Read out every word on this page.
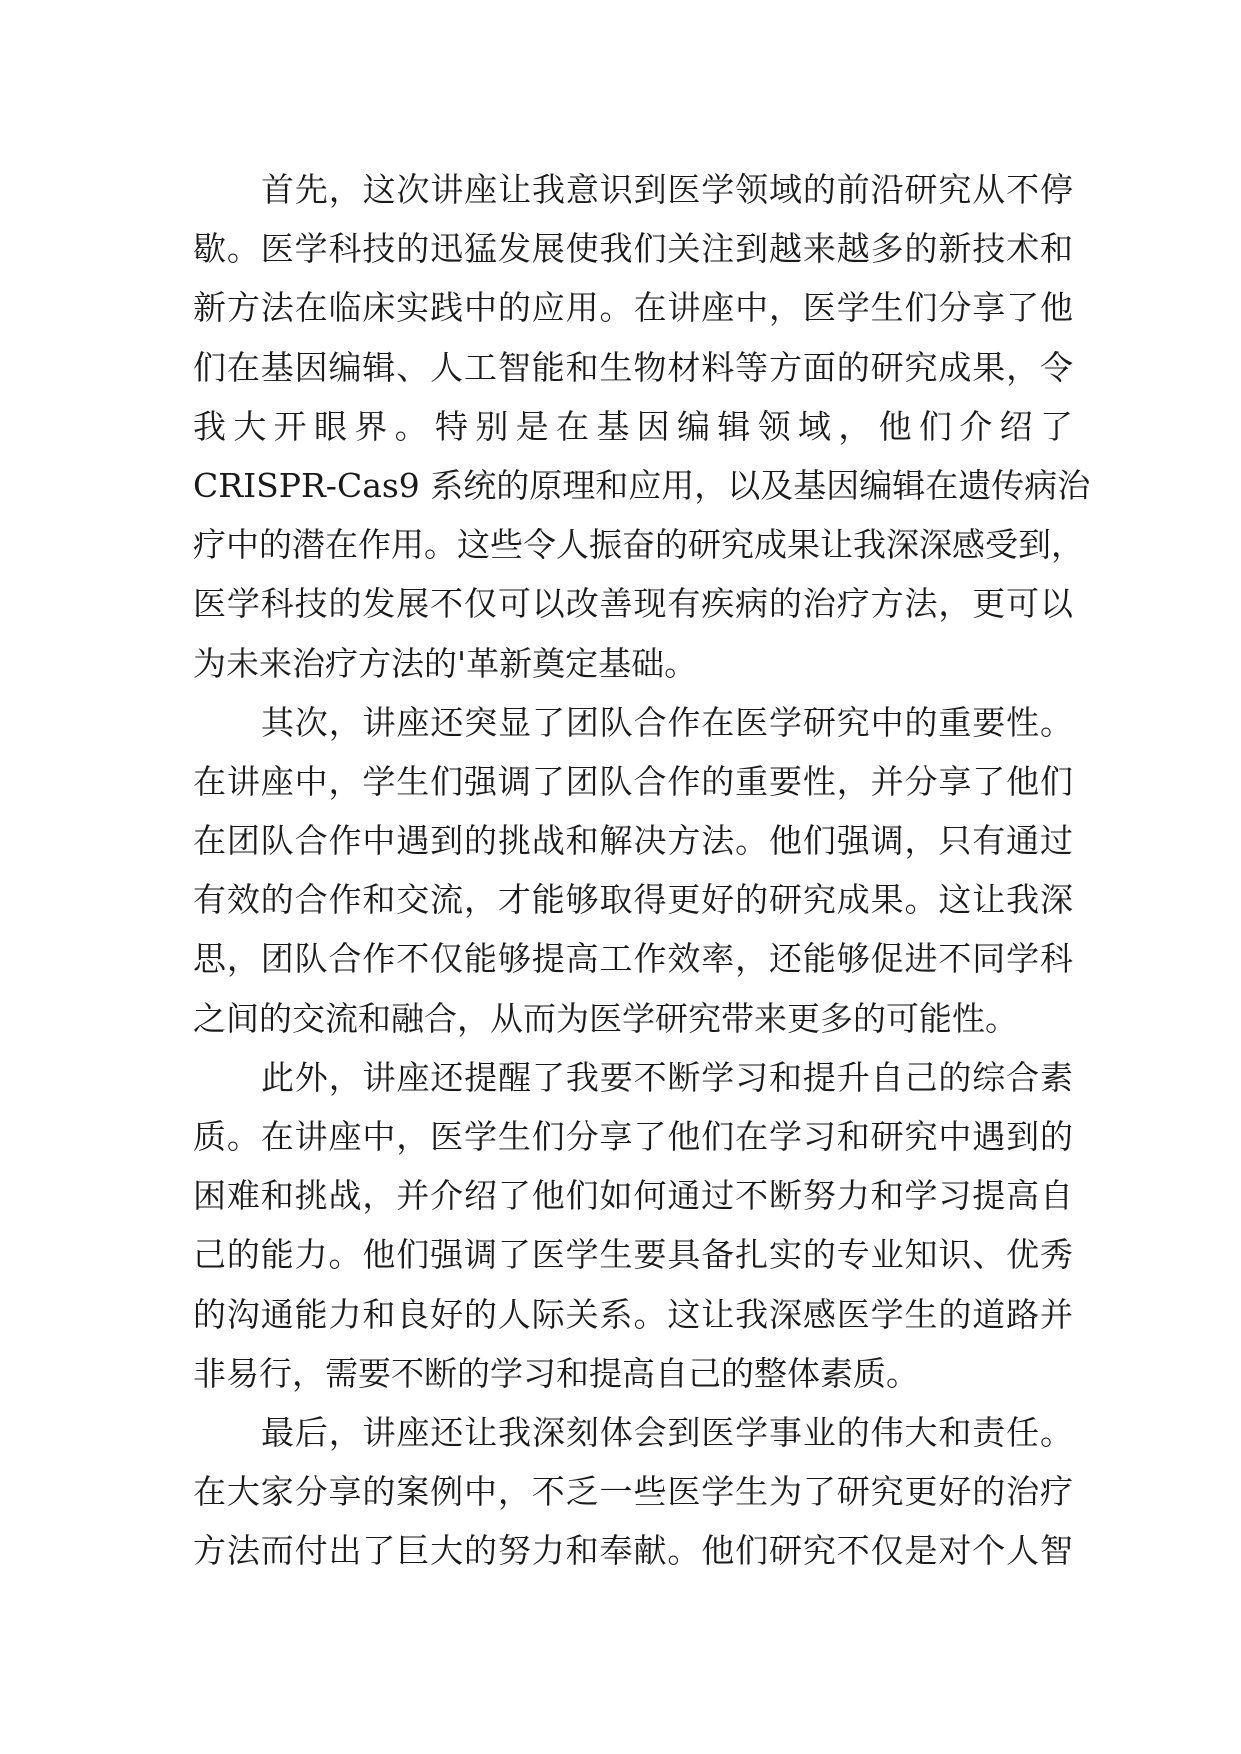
首先，这次讲座让我意识到医学领域的前沿研究从不停
歇。医学科技的迅猛发展使我们关注到越来越多的新技术和
新方法在临床实践中的应用。在讲座中，医学生们分享了他
们在基因编辑、人工智能和生物材料等方面的研究成果，令
我大开眼界。特别是在基因编辑领域，他们介绍了
CRISPR-Cas9 系统的原理和应用，以及基因编辑在遗传病治
疗中的潜在作用。这些令人振奋的研究成果让我深深感受到，
医学科技的发展不仅可以改善现有疾病的治疗方法，更可以
为未来治疗方法的'革新奠定基础。
其次，讲座还突显了团队合作在医学研究中的重要性。
在讲座中，学生们强调了团队合作的重要性，并分享了他们
在团队合作中遇到的挑战和解决方法。他们强调，只有通过
有效的合作和交流，才能够取得更好的研究成果。这让我深
思，团队合作不仅能够提高工作效率，还能够促进不同学科
之间的交流和融合，从而为医学研究带来更多的可能性。
此外，讲座还提醒了我要不断学习和提升自己的综合素
质。在讲座中，医学生们分享了他们在学习和研究中遇到的
困难和挑战，并介绍了他们如何通过不断努力和学习提高自
己的能力。他们强调了医学生要具备扎实的专业知识、优秀
的沟通能力和良好的人际关系。这让我深感医学生的道路并
非易行，需要不断的学习和提高自己的整体素质。
最后，讲座还让我深刻体会到医学事业的伟大和责任。
在大家分享的案例中，不乏一些医学生为了研究更好的治疗
方法而付出了巨大的努力和奉献。他们研究不仅是对个人智
